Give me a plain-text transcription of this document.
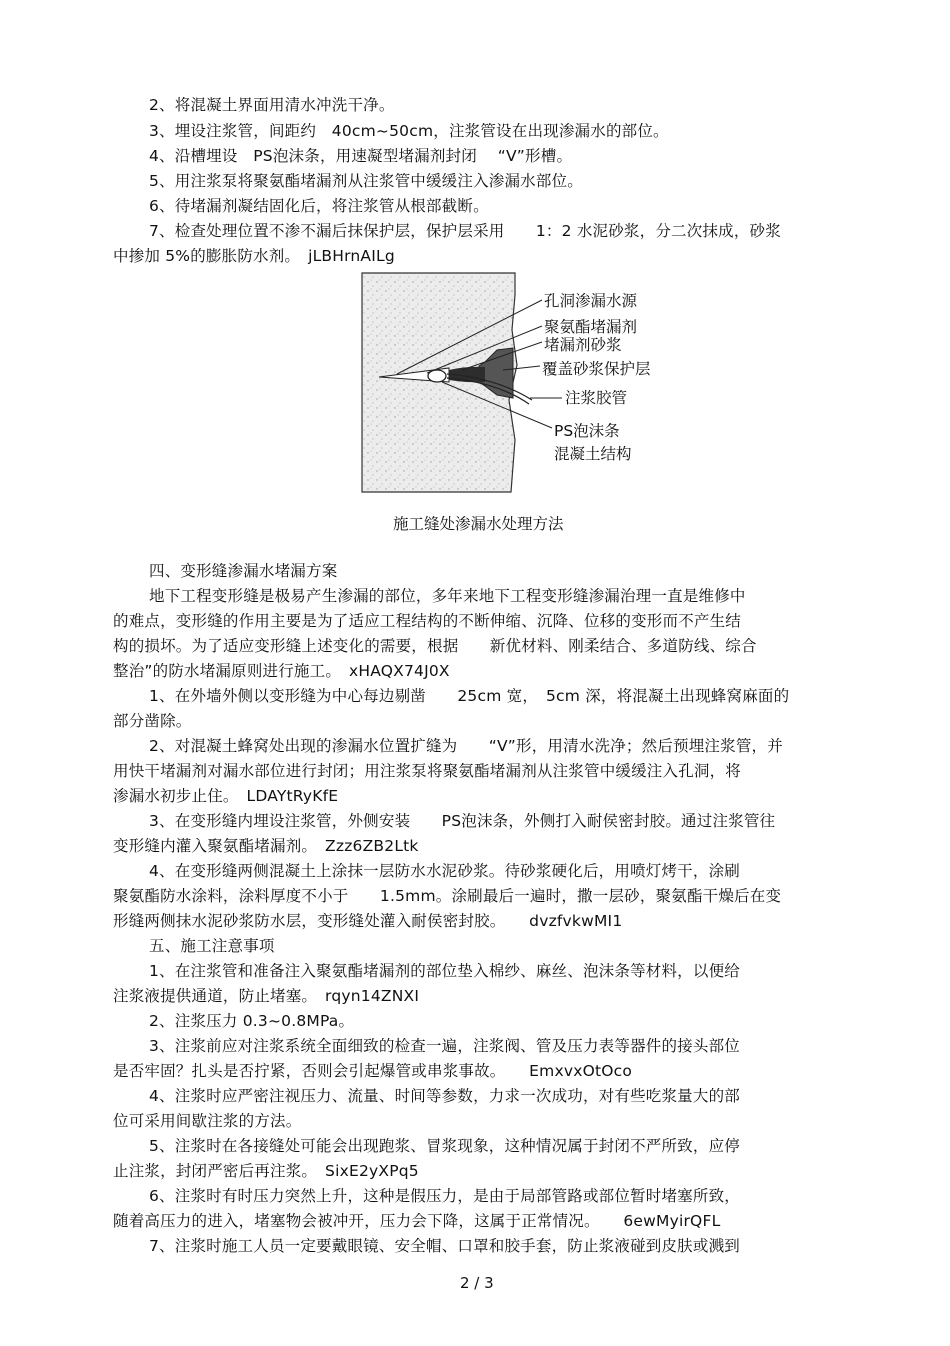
2、将混凝土界面用清水冲洗干净。
3、埋设注浆管，间距约　40cm~50cm，注浆管设在出现渗漏水的部位。
4、沿槽埋设　PS泡沫条，用速凝型堵漏剂封闭　 “V”形槽。
5、用注浆泵将聚氨酯堵漏剂从注浆管中缓缓注入渗漏水部位。
6、待堵漏剂凝结固化后，将注浆管从根部截断。
7、检查处理位置不渗不漏后抹保护层，保护层采用　　1：2 水泥砂浆，分二次抹成，砂浆
中掺加 5%的膨胀防水剂。　jLBHrnAILg
孔洞渗漏水源
聚氨酯堵漏剂
堵漏剂砂浆
覆盖砂浆保护层
注浆胶管
PS泡沫条
混凝土结构
施工缝处渗漏水处理方法
四、变形缝渗漏水堵漏方案
地下工程变形缝是极易产生渗漏的部位，多年来地下工程变形缝渗漏治理一直是维修中
的难点，变形缝的作用主要是为了适应工程结构的不断伸缩、沉降、位移的变形而不产生结
构的损坏。为了适应变形缝上述变化的需要，根据　　新优材料、刚柔结合、多道防线、综合
整治”的防水堵漏原则进行施工。　xHAQX74J0X
1、在外墙外侧以变形缝为中心每边剔凿　　25cm 宽，　5cm 深，将混凝土出现蜂窝麻面的
部分凿除。
2、对混凝土蜂窝处出现的渗漏水位置扩缝为　　“V”形，用清水洗净；然后预埋注浆管，并
用快干堵漏剂对漏水部位进行封闭；用注浆泵将聚氨酯堵漏剂从注浆管中缓缓注入孔洞，将
渗漏水初步止住。　LDAYtRyKfE
3、在变形缝内埋设注浆管，外侧安装　　PS泡沫条，外侧打入耐侯密封胶。通过注浆管往
变形缝内灌入聚氨酯堵漏剂。　Zzz6ZB2Ltk
4、在变形缝两侧混凝土上涂抹一层防水水泥砂浆。待砂浆硬化后，用喷灯烤干，涂刷
聚氨酯防水涂料，涂料厚度不小于　　1.5mm。涂刷最后一遍时，撒一层砂，聚氨酯干燥后在变
形缝两侧抹水泥砂浆防水层，变形缝处灌入耐侯密封胶。　　dvzfvkwMI1
五、施工注意事项
1、在注浆管和准备注入聚氨酯堵漏剂的部位垫入棉纱、麻丝、泡沫条等材料，以便给
注浆液提供通道，防止堵塞。　rqyn14ZNXI
2、注浆压力 0.3~0.8MPa。
3、注浆前应对注浆系统全面细致的检查一遍，注浆阀、管及压力表等器件的接头部位
是否牢固？扎头是否拧紧，否则会引起爆管或串浆事故。　　EmxvxOtOco
4、注浆时应严密注视压力、流量、时间等参数，力求一次成功，对有些吃浆量大的部
位可采用间歇注浆的方法。
5、注浆时在各接缝处可能会出现跑浆、冒浆现象，这种情况属于封闭不严所致，应停
止注浆，封闭严密后再注浆。　SixE2yXPq5
6、注浆时有时压力突然上升，这种是假压力，是由于局部管路或部位暂时堵塞所致，
随着高压力的进入，堵塞物会被冲开，压力会下降，这属于正常情况。　　6ewMyirQFL
7、注浆时施工人员一定要戴眼镜、安全帽、口罩和胶手套，防止浆液碰到皮肤或溅到
2 / 3
